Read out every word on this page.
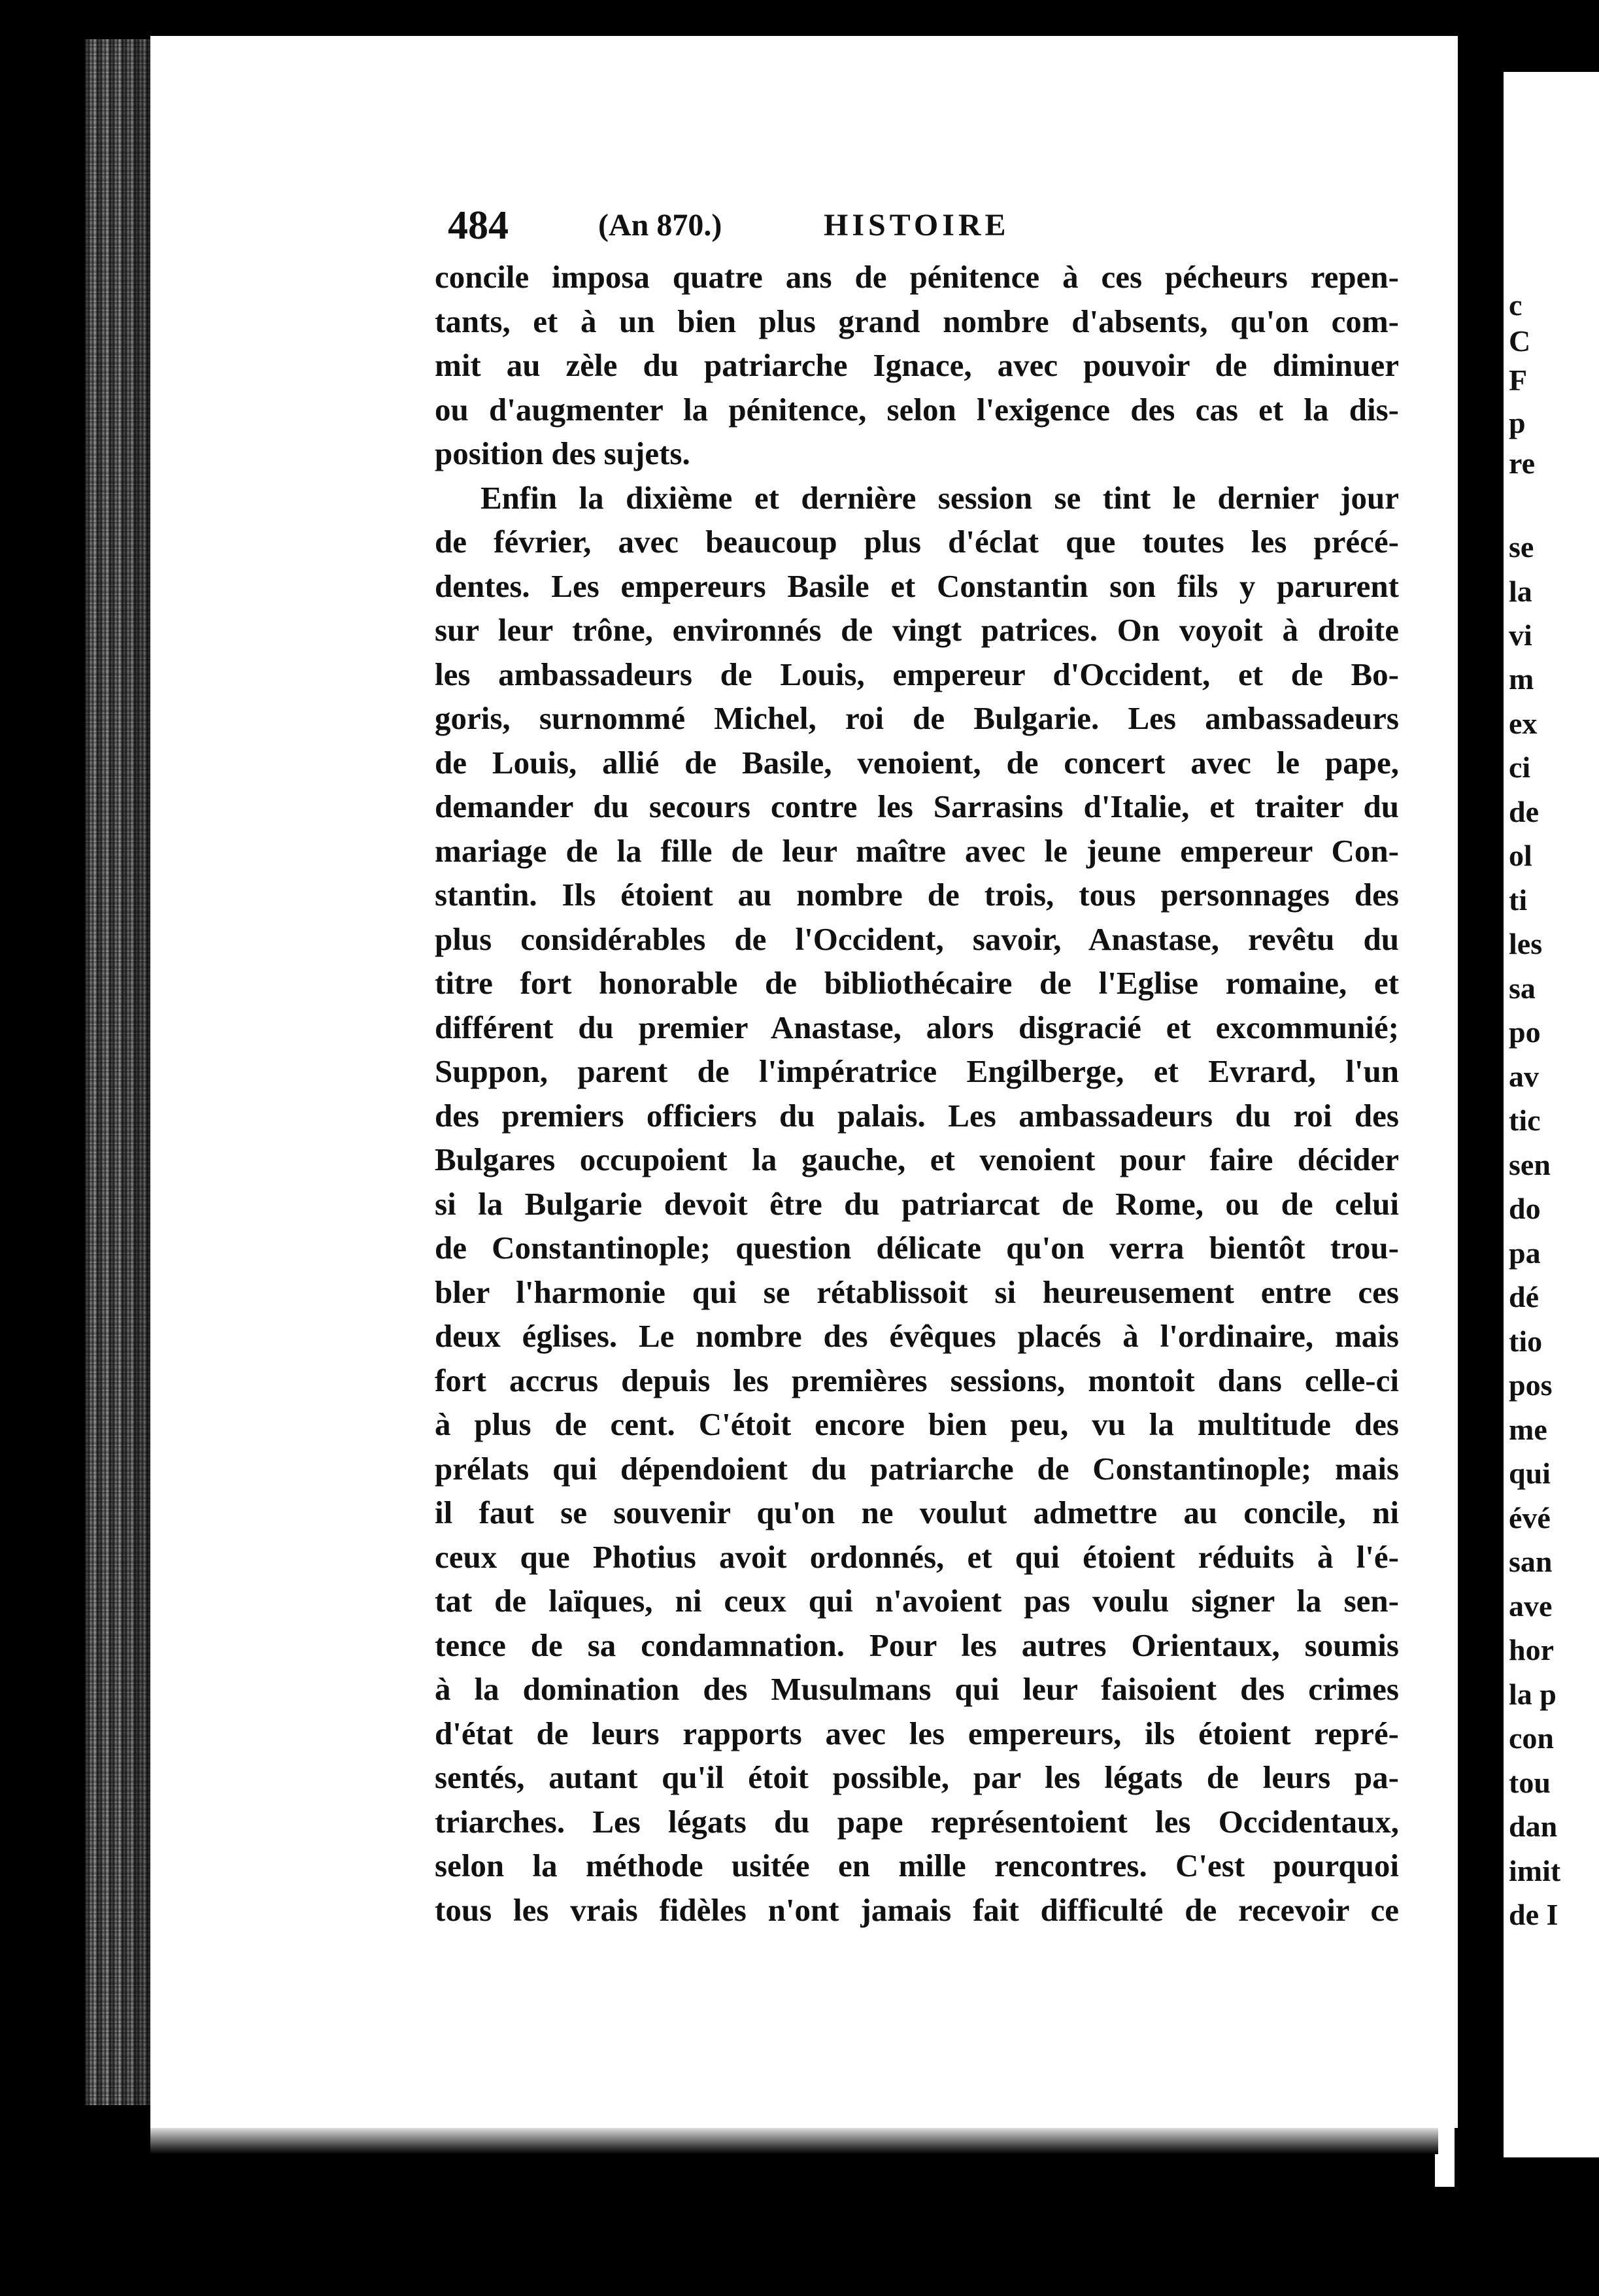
c
C
F
p
re
se
la
vi
m
ex
ci
de
ol
ti
les
sa
po
av
tic
sen
do
pa
dé
tio
pos
me
qui
évé
san
ave
hor
la p
con
tou
dan
imit
de I
484	(An 870.)	HISTOIRE
concile imposa quatre ans de pénitence à ces pécheurs repen-
tants, et à un bien plus grand nombre d'absents, qu'on com-
mit au zèle du patriarche Ignace, avec pouvoir de diminuer
ou d'augmenter la pénitence, selon l'exigence des cas et la dis-
position des sujets.
Enfin la dixième et dernière session se tint le dernier jour
de février, avec beaucoup plus d'éclat que toutes les précé-
dentes. Les empereurs Basile et Constantin son fils y parurent
sur leur trône, environnés de vingt patrices. On voyoit à droite
les ambassadeurs de Louis, empereur d'Occident, et de Bo-
goris, surnommé Michel, roi de Bulgarie. Les ambassadeurs
de Louis, allié de Basile, venoient, de concert avec le pape,
demander du secours contre les Sarrasins d'Italie, et traiter du
mariage de la fille de leur maître avec le jeune empereur Con-
stantin. Ils étoient au nombre de trois, tous personnages des
plus considérables de l'Occident, savoir, Anastase, revêtu du
titre fort honorable de bibliothécaire de l'Eglise romaine, et
différent du premier Anastase, alors disgracié et excommunié;
Suppon, parent de l'impératrice Engilberge, et Evrard, l'un
des premiers officiers du palais. Les ambassadeurs du roi des
Bulgares occupoient la gauche, et venoient pour faire décider
si la Bulgarie devoit être du patriarcat de Rome, ou de celui
de Constantinople; question délicate qu'on verra bientôt trou-
bler l'harmonie qui se rétablissoit si heureusement entre ces
deux églises. Le nombre des évêques placés à l'ordinaire, mais
fort accrus depuis les premières sessions, montoit dans celle-ci
à plus de cent. C'étoit encore bien peu, vu la multitude des
prélats qui dépendoient du patriarche de Constantinople; mais
il faut se souvenir qu'on ne voulut admettre au concile, ni
ceux que Photius avoit ordonnés, et qui étoient réduits à l'é-
tat de laïques, ni ceux qui n'avoient pas voulu signer la sen-
tence de sa condamnation. Pour les autres Orientaux, soumis
à la domination des Musulmans qui leur faisoient des crimes
d'état de leurs rapports avec les empereurs, ils étoient repré-
sentés, autant qu'il étoit possible, par les légats de leurs pa-
triarches. Les légats du pape représentoient les Occidentaux,
selon la méthode usitée en mille rencontres. C'est pourquoi
tous les vrais fidèles n'ont jamais fait difficulté de recevoir ce
